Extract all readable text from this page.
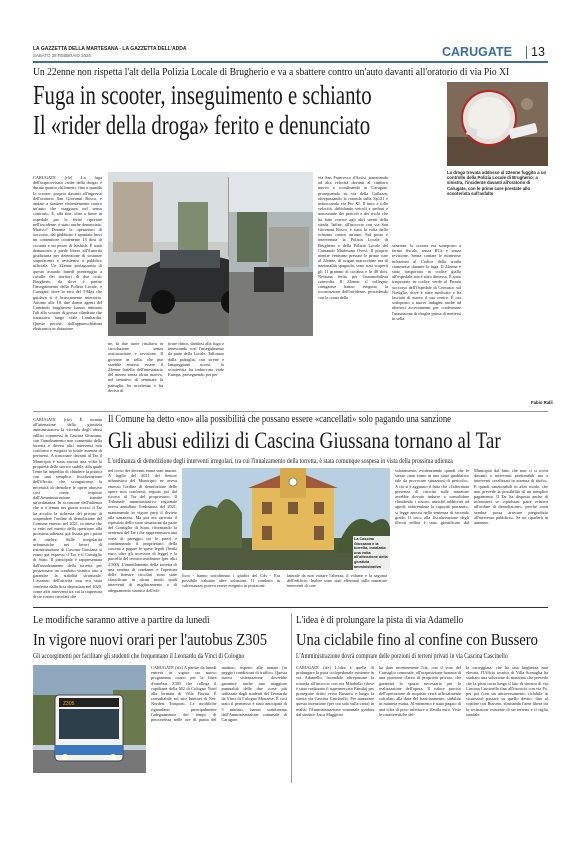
LA GAZZETTA DELLA MARTESANA - LA GAZZETTA DELL'ADDA
SABATO 28 FEBBRAIO 2026	CARUGATE 13
Un 22enne non rispetta l'alt della Polizia Locale di Brugherio e va a sbattere contro un'auto davanti all'oratorio di via Pio XI
Fuga in scooter, inseguimento e schianto
Il «rider della droga» ferito e denunciato
La droga trovata addosso al 22enne fuggito a un controllo della Polizia Locale di Brugherio; a sinistra, l'incidente davanti all'oratorio di Carugate, con le prime cure prestate allo scooterista sull'asfalto
CARUGATE (rfz) La fuga dell'improvvisato «rider della droga» è durata quattro chilometri, fino a quando lo scooter, proprio davanti all'ingresso dell'oratorio San Giovanni Bosco, è andato a sbattere violentemente contro un'auto che viaggiava nel senso contrario. E, alla fine, oltre a finire in ospedale per le ferite riportate nell'incidente, è stato anche denunciato. Motivo? Durante le operazioni di soccorso, dal giubbotto è spuntato fuori un contenitore contenente 13 dosi di cocaina e un pezzo di hashish. È stato denunciato a piede libero all'Autorità giudiziaria per detenzione di sostanze stupefacenti e resistenza a pubblico ufficiale. Un 22enne protagonista di questo assurdo lunedì pomeriggio a cavallo dei territori di due città: Brugherio, da dove è partito l'inseguimento della Polizia Locale, e Carugate, dove lo zero del T-Max che guidava si è bruscamente interrotto. Attorno alle 18, due donne agenti del Comando brugherese hanno intimato l'alt allo scooter di grossa cilindrata che transitava lungo viale Lombardia. Questo perché, dall'apparecchiatura elettronica in dotazione
ne, la due ruote risultava in circolazione senza assicurazione e revisione. Il giovane in sella, che pur sarebbe emerso essere il 22enne fratello dell'intestatario del mezzo senza alcun motivo, nel tentativo di seminare la pattuglia, ha accelerato e ha deciso di
tirare dritto, dandosi alla fuga e innescando così l'inseguimento da parte della Locale. Tallonato dalla pattuglia, con sirene e lampeggianti accesi, lo scooterista ha imboccato viale Europa, proseguendo poi per
via San Francesco d'Assisi, transitando ad alta velocità davanti al cimitero nuovo e sconfinando in Carugate, proseguendo su via della Gallazza, oltrepassando la rotonda sulla Sp121 e imboccando via Pio XI. Il tutto a folle velocità, dribblando veicoli e pedoni e noncurante dei pericoli e dei rischi che ha fatto correre agli altri utenti della strada. Infine, all'incrocio con via San Giovanni Bosco, è stata la volta dello schianto contro un'auto. Sul posto è intervenuta la Polizia Locale di Brugherio e della Polizia Locale del Comando Martesana Ovest. Il proprio mentre venivano prestate le prime cure al 22enne, di origini marocchine ma di nazionalità spagnola, sono stati scoperti gli 11 grammi di cocaina e le 48 dosi. Nessuna ferita per l'automobilista coinvolta. Il 22enne, il collegato carugatese hanno eseguito la ricostruzione dell'incidente, procedendo con la conta delle
sanzioni: lo scooter era sottoposto a fermo fiscale, senza RCa e senza revisione. Senza contare le numerose infrazioni al Codice della strada commesse durante la fuga. Il 22enne è stato trasportato in codice giallo all'ospedale, ma è stato dimesso. È stato trasportato in codice verde al Pronto soccorso dell'Ospedale di Cernusco sul Naviglio, dove è stato medicato e ha lasciato di nuovo il suo centro. È ora sottoposto a nuove indagini anche ad ulteriori accertamenti per confermare l'assunzione di droghe prima di mettersi in sella.
Fabio Ralli
CARUGATE (rfz) È tornata all'attenzione della giustizia amministrativa la vicenda degli abusi edilizi commessi in Cascina Giussana, con l'innalzamento non consentito della torretta e diversi altri interventi non conformi e eseguiti in totale assenza di permessi. A trascinare davanti al Tar il Municipio è stata ancora una volta la proprietà dello storico stabile, alla quale l'ente ha impedito di chiudere la pratica con una semplice fiscalizzazione dell'illecito, che sconguirasse la necessità di demolire le opere abusive così come imposto dall'Amministrazione tramite un'ordinanza. In occasione dell'udienza che si è tenuta nei giorni scorsi, il Tar ha accolto la richiesta del privato di sospendere l'ordine di demolizione del Comune emesso nel 2021, in attesa che si entri nel merito della questione alla prossima udienza, già fissata per i primi di ottobre. Sulle irregolarità urbanistiche nei lavori di ristrutturazione di Cascina Giussana si erano già espressi il Tar e il Consiglio di Stato. Il principale è rappresentata dall'innalzamento della torretta per posizionare un condotto sismico atto a garantire la stabilità strutturale. L'assenso dell'attività non era stata conferita dalla Scia depositata nel 2020, come altri interventi tra cui la riapertura di tre rosoni circolari che
Il Comune ha detto «no» alla possibilità che possano essere «cancellati» solo pagando una sanzione
Gli abusi edilizi di Cascina Giussana tornano al Tar
L'ordinanza di demolizione degli interventi irregolari, tra cui l'innalzamento della torretta, è stata comunque sospesa in vista della prossima udienza
nel corso dei decenni erano stati murati. A luglio del 2021 del Settore urbanistica del Municipio ne aveva emesso l'ordine di demolizione delle opere non conformi, seguito poi dal ricorso al Tar del proprietario. Il Tribunale amministrativo regionale aveva annullato l'ordinanza del 2021, mantenendo in vigore però il divieto alla sanatoria. Ma poi era arrivato il ripristino dello stato situazione da parte del Consiglio di Stato, riformando la sentenza del Tar (che rappresentava una sorta di pareggio tra le parti) e condannando il proprietario della cascina a pagare le spese legali (3mila euro, oltre gli accessori di legge) e la parcella del tecnico mediatore (per altri 2.500). L'annullamento della torretta di una sentina di condanni e l'apertura delle finestre circolari sono state classificate in alcun modo quali interventi di miglioramento o di adeguamento sismico dell'edi-
La Cascina Giussana e la torretta, innalzata una volta all'attenzione della giustizia amministrativa
ficio - hanno sottolineato i giudici del Cds - Era possibile valutare altre soluzioni. Il condotto in calcestruzzo poteva essere eseguito in posizione
laterale da non variare l'altezza, il volume e la sagoma dell'edificio. Inoltre sono stati effettuati sulle murature interventi di con-
solidamento, evidenziando quindi che le stesse «non erano in uno stato qualitativo tale da provocare situazioni di pericolo». A ciò si è aggiunto il fatto che «l'affermata presenza di criticità sulle murature avrebbe dovuto indurre a consolidare chiudendo i rosoni, anziché additivati ad agirdi, riducendone la capacità portante», si legge ancora nella sentenza di secondo grado. Il «no» alla fiscalizzazione degli illeciti edilizi è stato giustificato dal Municipio dal fatto che non ci si trova davanti a interventi perdonabili ma a interventi «realizzati in assenza di titolo». E quindi sanzionabili in altro modo, che non prevede la possibilità di un semplice pagamento. Il Tar ha disposto anche di informarsi se «qualsiasi parte relativa all'ordine di demolizione», perché «non sembra possa arrecare pregiudizio all'interesse pubblico». Se ne riparlerà in autunno.
Le modifiche saranno attive a partire da lunedì
In vigore nuovi orari per l'autobus Z305
Gli accorgimenti per facilitare gli studenti che frequentano il Leonardo da Vinci di Cologno
Z305
CARUGATE (rfz) A partire da lunedì entrerà in vigore un nuovo programma orario per la linea d'autobus Z305 che collega il capolinea della M2 di Cologno Nord alla fermata di Villa Fiorita. È consultabile sul sito Internet di Net-Nordest Trasporti. Le modifiche riguardano principalmente l'adeguamento dei tempi di percorrenza nelle ore di punta del mattino, rispetto alle mutate (in peggio) condizioni di traffico. Questa nuova sistemazione dovrebbe garantire anche una maggiore puntualità delle due corse più utilizzate dagli studenti del Leonardo da Vinci di Cologno Monzese. È così stato il permesso è stato anticipato di 5 minuti», hanno sottolineato dall'Amministrazione comunale di Carugate.
L'idea è di prolungare la pista di via Adamello
Una ciclabile fino al confine con Bussero
L'Amministrazione dovrà comprare delle porzioni di terreni privati in via Cascina Cascinello
CARUGATE (rfz) L'idea è quella di prolungare la pista ciclopedonale esistente in via Adamello, facendole oltrepassare la rotonda all'incrocio con via Mirabello (dove è stato realizzato il supermercato Famila) per proseguire dritto verso Bussero e lungo la stretta via Cascina Cascinello. Per tramutare questa intenzione (per ora solo sulla carta) in realtà, l'Amministrazione comunale guidata dal sindaco Luca Maggioni
ha dato recentemente l'ok, con il voto del Consiglio comunale, all'acquisizione bonaria di una porzione d'area di proprietà privata, che garantirà lo spazio necessario per la realizzazione dell'opera. Il valore preciso dell'operazione di acquisto verrà ufficialmente calcolato alla data del frazionamento, stabilito in maniera esatta. Al momento è stato pagato di una cifra di poco inferiore a 10mila euro. Viste le caratteristiche del-
la carreggiata, che ha una larghezza non elevata, l'Ufficio tecnico di Villa Somaglia ha studiato una soluzione di massima che prevede che la pista corra lungo il lato di sinistra di via Cascina Cascinello fino all'incrocio con via Po, per poi (con un attraversamento ciclabile in sicurezza) passare su quello destro, fino al confine con Bussero, sfruttando l'area libera tra la recinzione esistente di un terreno e il ciglio stradale.
